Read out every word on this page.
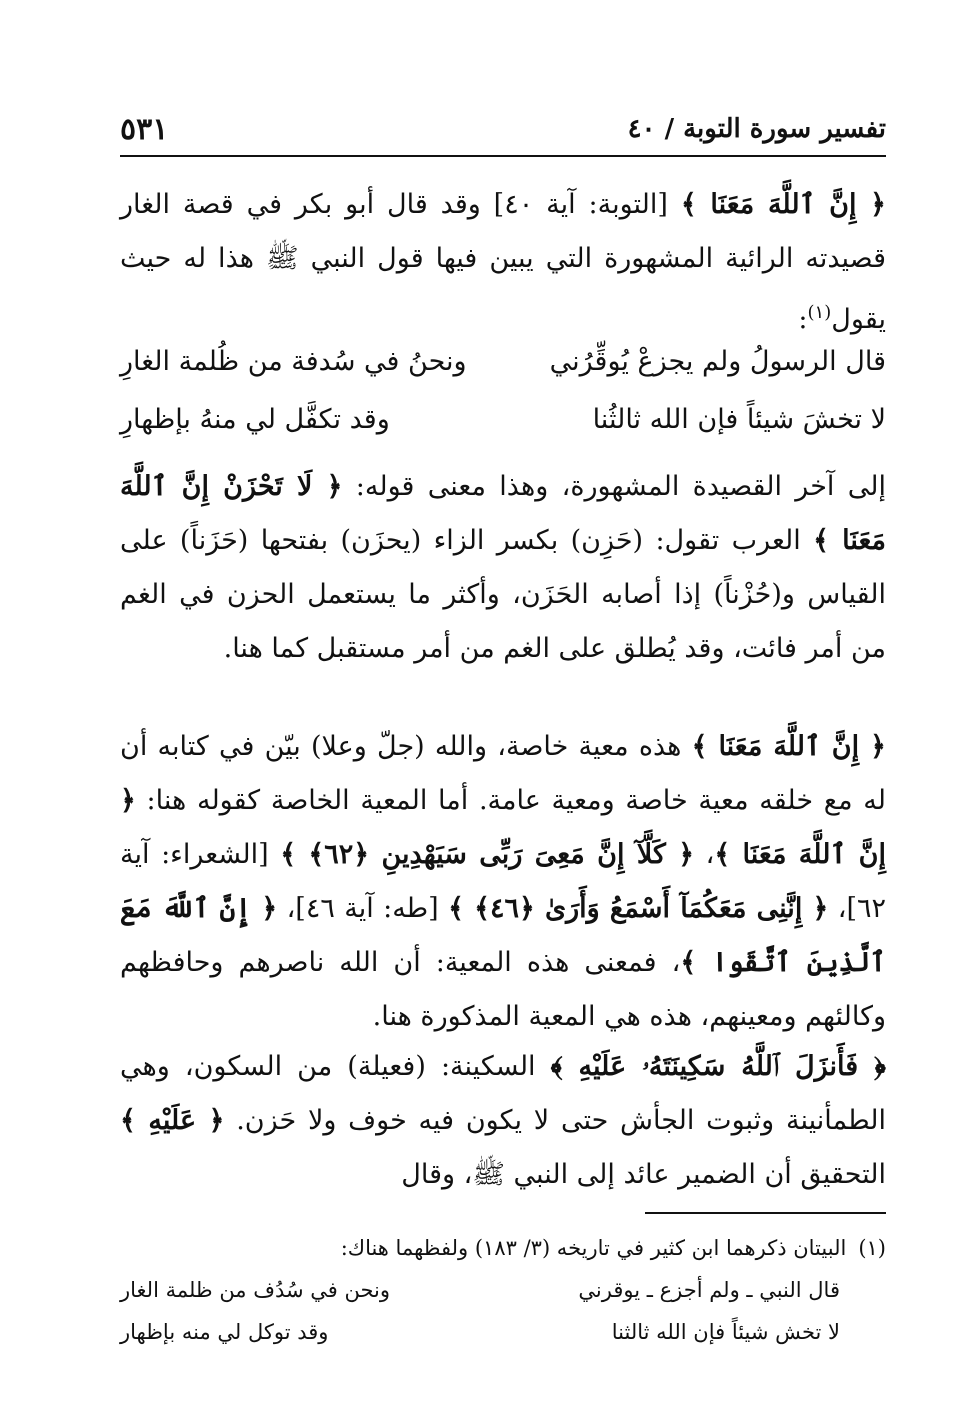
تفسير سورة التوبة / ٤٠
٥٣١
﴿ إِنَّ ٱللَّهَ مَعَنَا ﴾ [التوبة: آية ٤٠] وقد قال أبو بكر في قصة الغار قصيدته الرائية المشهورة التي يبين فيها قول النبي ﷺ هذا له حيث يقول$^{(١)}$:
قال الرسولُ ولم يجزعْ يُوقِّرُني
ونحنُ في سُدفة من ظُلمة الغارِ
لا تخشَ شيئاً فإن الله ثالثُنا
وقد تكفَّل لي منهُ بإظهارِ
إلى آخر القصيدة المشهورة، وهذا معنى قوله: ﴿ لَا تَحْزَنْ إِنَّ ٱللَّهَ مَعَنَا ﴾ العرب تقول: (حَزِن) بكسر الزاء (يحزَن) بفتحها (حَزَناً) على القياس و(حُزْناً) إذا أصابه الحَزَن، وأكثر ما يستعمل الحزن في الغم من أمر فائت، وقد يُطلق على الغم من أمر مستقبل كما هنا.
﴿ إِنَّ ٱللَّهَ مَعَنَا ﴾ هذه معية خاصة، والله (جلّ وعلا) بيّن في كتابه أن له مع خلقه معية خاصة ومعية عامة. أما المعية الخاصة كقوله هنا: ﴿ إِنَّ ٱللَّهَ مَعَنَا ﴾، ﴿ كَلَّآ إِنَّ مَعِىَ رَبِّى سَيَهْدِينِ ﴿٦٢﴾ ﴾ [الشعراء: آية ٦٢]، ﴿ إِنَّنِى مَعَكُمَآ أَسْمَعُ وَأَرَىٰ ﴿٤٦﴾ ﴾ [طه: آية ٤٦]، ﴿ إِنَّ ٱللَّهَ مَعَ ٱلَّذِينَ ٱتَّقَوا ﴾، فمعنى هذه المعية: أن الله ناصرهم وحافظهم وكالئهم ومعينهم، هذه هي المعية المذكورة هنا.
﴿ فَأَنزَلَ ٱللَّهُ سَكِينَتَهُۥ عَلَيْهِ ﴾ السكينة: (فعيلة) من السكون، وهي الطمأنينة وثبوت الجأش حتى لا يكون فيه خوف ولا حَزن. ﴿ عَلَيْهِ ﴾ التحقيق أن الضمير عائد إلى النبي ﷺ، وقال
(١)البيتان ذكرهما ابن كثير في تاريخه (٣/ ١٨٣) ولفظهما هناك:
قال النبي ـ ولم أجزع ـ يوقرني
ونحن في سُدُف من ظلمة الغار
لا تخش شيئاً فإن الله ثالثنا
وقد توكل لي منه بإظهار
